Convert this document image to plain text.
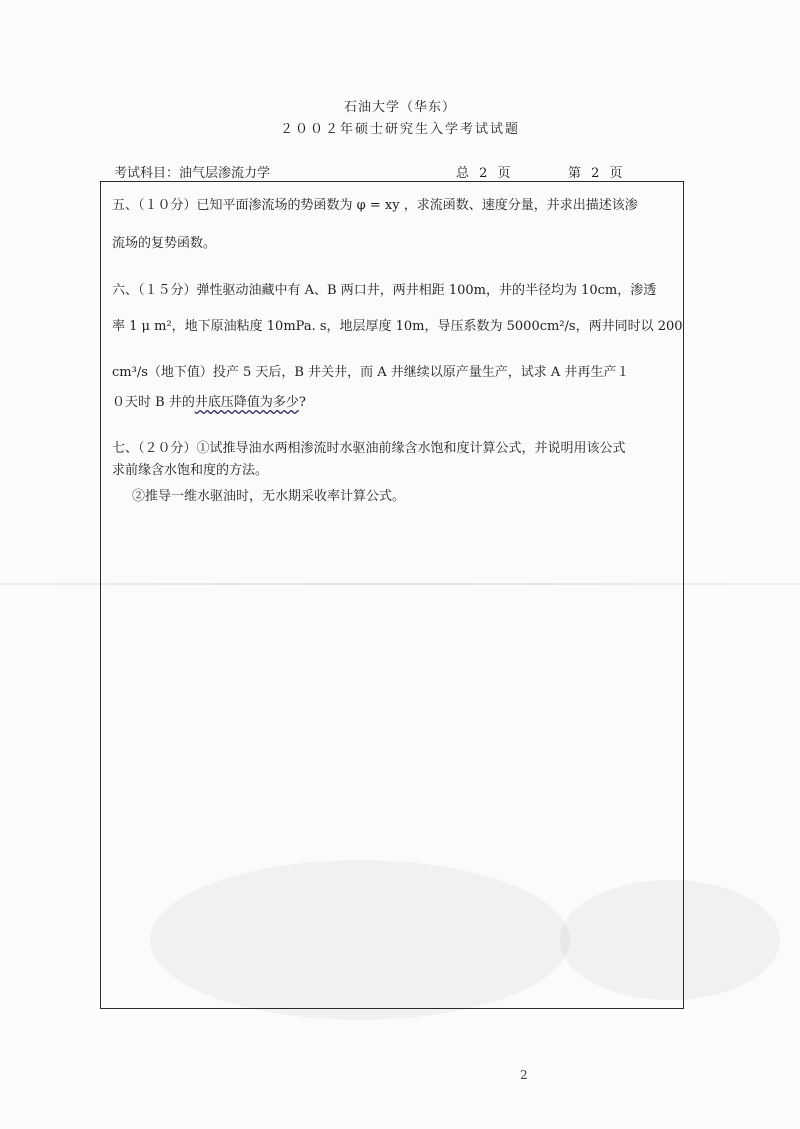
石油大学（华东）
２００２年硕士研究生入学考试试题
考试科目：油气层渗流力学	总 2 页	第 2 页
五、（１０分）已知平面渗流场的势函数为 φ = xy ，求流函数、速度分量，并求出描述该渗
流场的复势函数。
六、（１５分）弹性驱动油藏中有 A、B 两口井，两井相距 100m，井的半径均为 10cm，渗透
率 1 μ m²，地下原油粘度 10mPa. s，地层厚度 10m，导压系数为 5000cm²/s，两井同时以 200
cm³/s（地下值）投产 5 天后，B 井关井，而 A 井继续以原产量生产，试求 A 井再生产１
０天时 B 井的井底压降值为多少?
七、（２０分）①试推导油水两相渗流时水驱油前缘含水饱和度计算公式，并说明用该公式
求前缘含水饱和度的方法。
②推导一维水驱油时，无水期采收率计算公式。
2
